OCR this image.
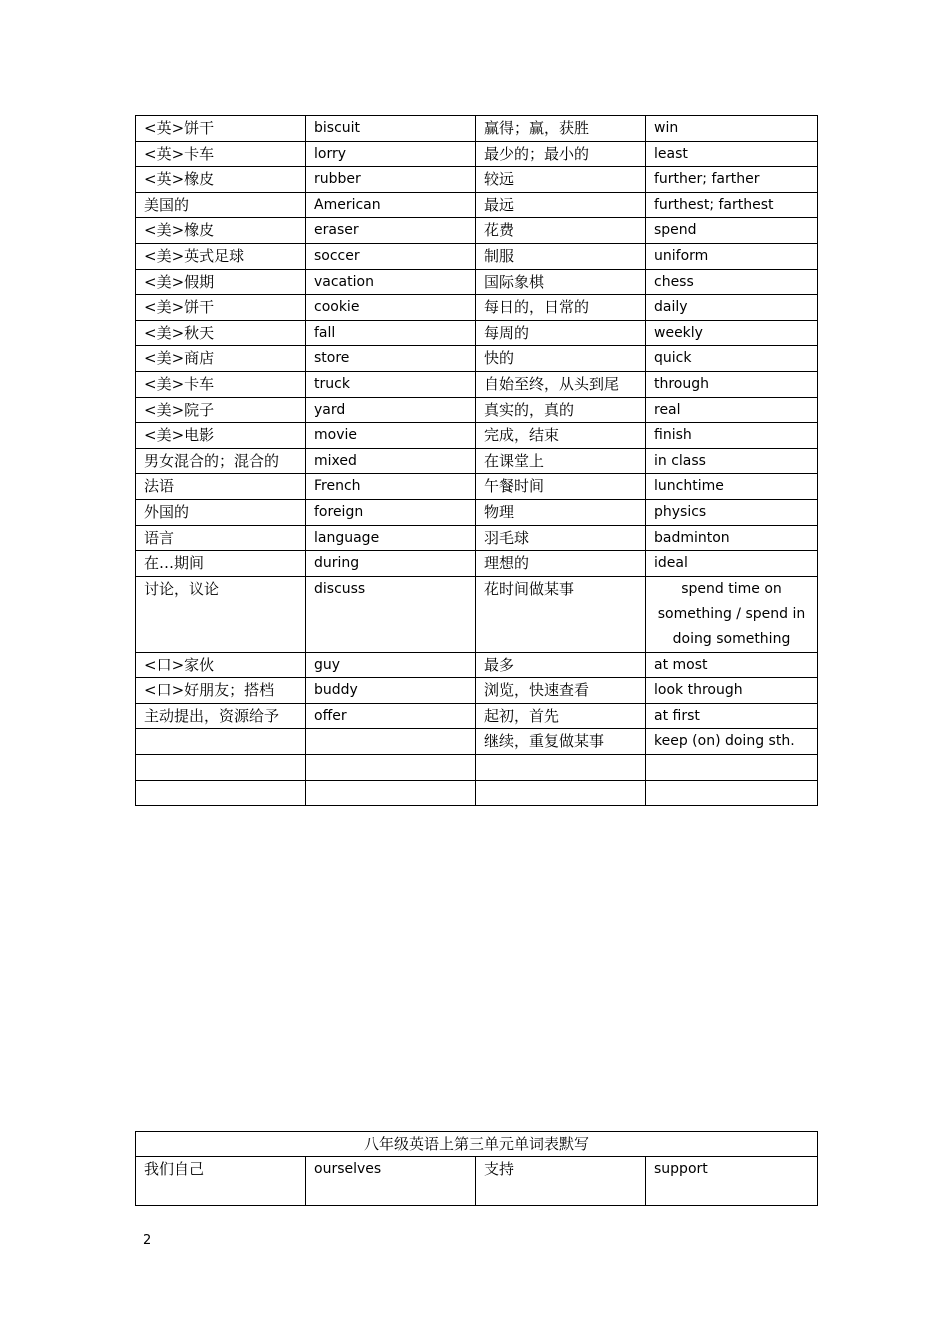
<英>饼干	biscuit	赢得；赢，获胜	win
<英>卡车	lorry	最少的；最小的	least
<英>橡皮	rubber	较远	further; farther
美国的	American	最远	furthest; farthest
<美>橡皮	eraser	花费	spend
<美>英式足球	soccer	制服	uniform
<美>假期	vacation	国际象棋	chess
<美>饼干	cookie	每日的，日常的	daily
<美>秋天	fall	每周的	weekly
<美>商店	store	快的	quick
<美>卡车	truck	自始至终，从头到尾	through
<美>院子	yard	真实的，真的	real
<美>电影	movie	完成，结束	finish
男女混合的；混合的	mixed	在课堂上	in class
法语	French	午餐时间	lunchtime
外国的	foreign	物理	physics
语言	language	羽毛球	badminton
在…期间	during	理想的	ideal
讨论，议论	discuss	花时间做某事	spend time on something / spend in doing something
<口>家伙	guy	最多	at most
<口>好朋友；搭档	buddy	浏览，快速查看	look through
主动提出，资源给予	offer	起初，首先	at first
		继续，重复做某事	keep (on) doing sth.

八年级英语上第三单元单词表默写
我们自己	ourselves	支持	support
2
